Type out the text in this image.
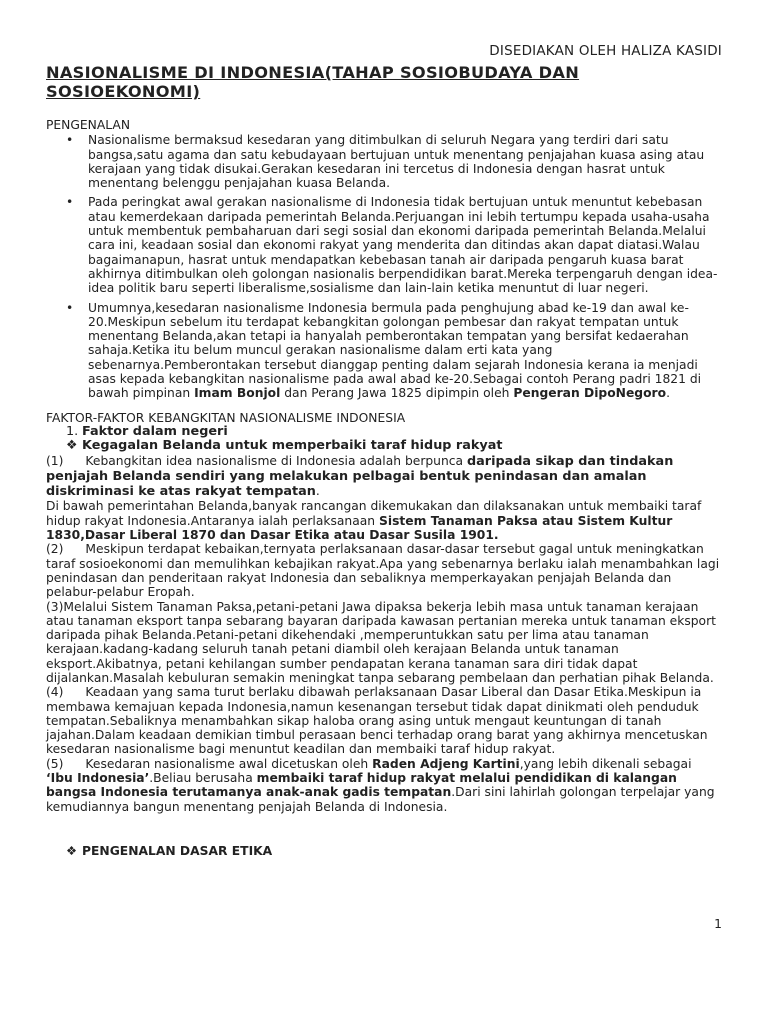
DISEDIAKAN OLEH HALIZA KASIDI
NASIONALISME DI INDONESIA(TAHAP SOSIOBUDAYA DAN SOSIOEKONOMI)
PENGENALAN
• Nasionalisme bermaksud kesedaran yang ditimbulkan di seluruh Negara yang terdiri dari satu bangsa,satu agama dan satu kebudayaan bertujuan untuk menentang penjajahan kuasa asing atau kerajaan yang tidak disukai.Gerakan kesedaran ini tercetus di Indonesia dengan hasrat untuk menentang belenggu penjajahan kuasa Belanda.
• Pada peringkat awal gerakan nasionalisme di Indonesia tidak bertujuan untuk menuntut kebebasan atau kemerdekaan daripada pemerintah Belanda.Perjuangan ini lebih tertumpu kepada usaha-usaha untuk membentuk pembaharuan dari segi sosial dan ekonomi daripada pemerintah Belanda.Melalui cara ini, keadaan sosial dan ekonomi rakyat yang menderita dan ditindas akan dapat diatasi.Walau bagaimanapun, hasrat untuk mendapatkan kebebasan tanah air daripada pengaruh kuasa barat akhirnya ditimbulkan oleh golongan nasionalis berpendidikan barat.Mereka terpengaruh dengan idea-idea politik baru seperti liberalisme,sosialisme dan lain-lain ketika menuntut di luar negeri.
• Umumnya,kesedaran nasionalisme Indonesia bermula pada penghujung abad ke-19 dan awal ke-20.Meskipun sebelum itu terdapat kebangkitan golongan pembesar dan rakyat tempatan untuk menentang Belanda,akan tetapi ia hanyalah pemberontakan tempatan yang bersifat kedaerahan sahaja.Ketika itu belum muncul gerakan nasionalisme dalam erti kata yang sebenarnya.Pemberontakan tersebut dianggap penting dalam sejarah Indonesia kerana ia menjadi asas kepada kebangkitan nasionalisme pada awal abad ke-20.Sebagai contoh Perang padri 1821 di bawah pimpinan Imam Bonjol dan Perang Jawa 1825 dipimpin oleh Pengeran DipoNegoro.
FAKTOR-FAKTOR KEBANGKITAN NASIONALISME INDONESIA
1. Faktor dalam negeri
❖ Kegagalan Belanda untuk memperbaiki taraf hidup rakyat

(1) Kebangkitan idea nasionalisme di Indonesia adalah berpunca daripada sikap dan tindakan penjajah Belanda sendiri yang melakukan pelbagai bentuk penindasan dan amalan diskriminasi ke atas rakyat tempatan.

Di bawah pemerintahan Belanda,banyak rancangan dikemukakan dan dilaksanakan untuk membaiki taraf hidup rakyat Indonesia.Antaranya ialah perlaksanaan Sistem Tanaman Paksa atau Sistem Kultur 1830,Dasar Liberal 1870 dan Dasar Etika atau Dasar Susila 1901.

(2) Meskipun terdapat kebaikan,ternyata perlaksanaan dasar-dasar tersebut gagal untuk meningkatkan taraf sosioekonomi dan memulihkan kebajikan rakyat.Apa yang sebenarnya berlaku ialah menambahkan lagi penindasan dan penderitaan rakyat Indonesia dan sebaliknya memperkayakan penjajah Belanda dan pelabur-pelabur Eropah.

(3)Melalui Sistem Tanaman Paksa,petani-petani Jawa dipaksa bekerja lebih masa untuk tanaman kerajaan atau tanaman eksport tanpa sebarang bayaran daripada kawasan pertanian mereka untuk tanaman eksport daripada pihak Belanda.Petani-petani dikehendaki ,memperuntukkan satu per lima atau tanaman kerajaan.kadang-kadang seluruh tanah petani diambil oleh kerajaan Belanda untuk tanaman eksport.Akibatnya, petani kehilangan sumber pendapatan kerana tanaman sara diri tidak dapat dijalankan.Masalah kebuluran semakin meningkat tanpa sebarang pembelaan dan perhatian pihak Belanda.

(4) Keadaan yang sama turut berlaku dibawah perlaksanaan Dasar Liberal dan Dasar Etika.Meskipun ia membawa kemajuan kepada Indonesia,namun kesenangan tersebut tidak dapat dinikmati oleh penduduk tempatan.Sebaliknya menambahkan sikap haloba orang asing untuk mengaut keuntungan di tanah jajahan.Dalam keadaan demikian timbul perasaan benci terhadap orang barat yang akhirnya mencetuskan kesedaran nasionalisme bagi menuntut keadilan dan membaiki taraf hidup rakyat.

(5) Kesedaran nasionalisme awal dicetuskan oleh Raden Adjeng Kartini,yang lebih dikenali sebagai ‘Ibu Indonesia’.Beliau berusaha membaiki taraf hidup rakyat melalui pendidikan di kalangan bangsa Indonesia terutamanya anak-anak gadis tempatan.Dari sini lahirlah golongan terpelajar yang kemudiannya bangun menentang penjajah Belanda di Indonesia.

❖ PENGENALAN DASAR ETIKA
1
